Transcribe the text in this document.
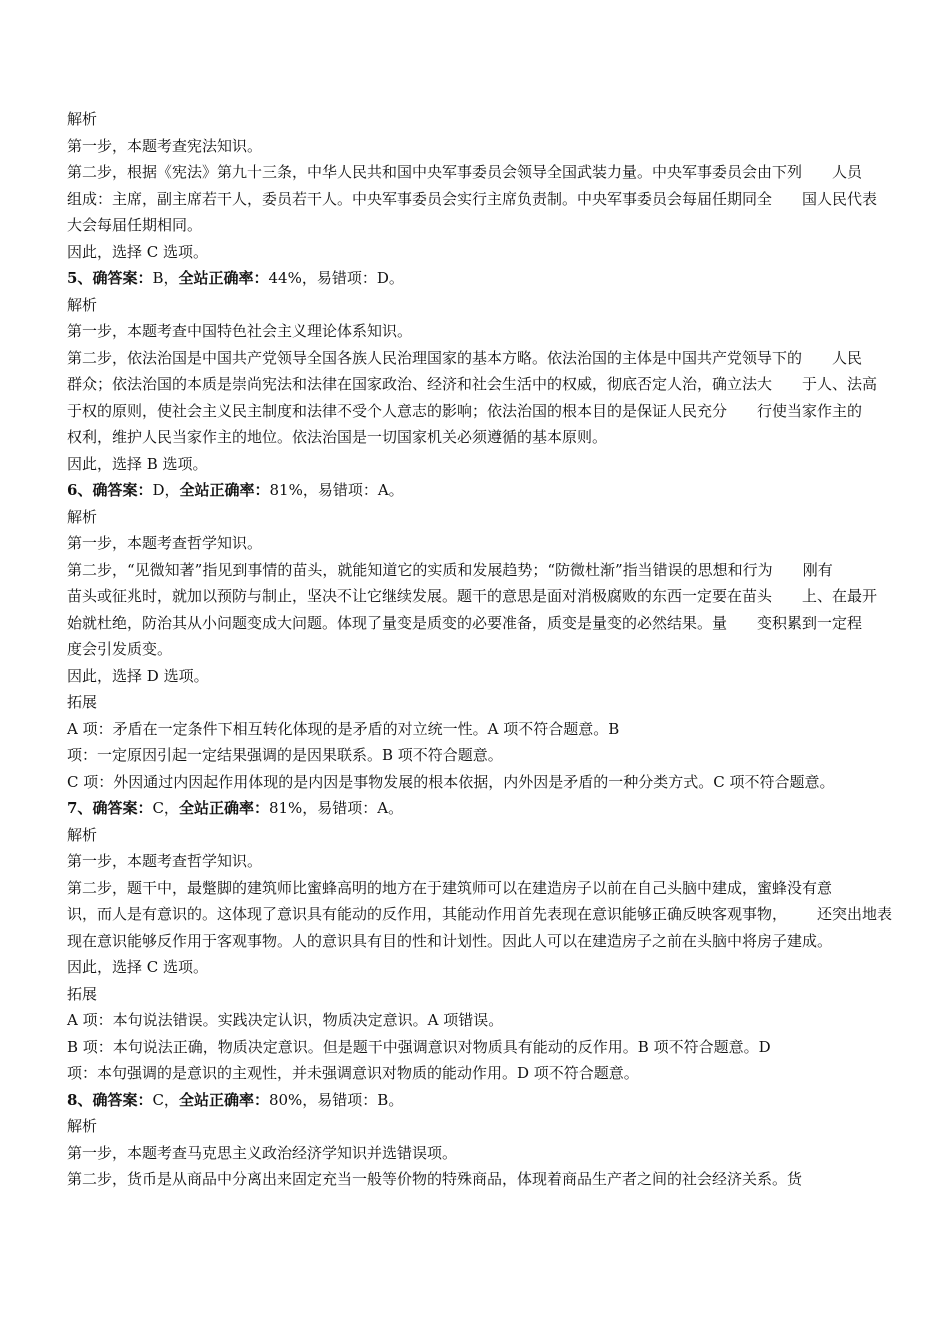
解析

第一步，本题考查宪法知识。

第二步，根据《宪法》第九十三条，中华人民共和国中央军事委员会领导全国武装力量。中央军事委员会由下列 人员

组成：主席，副主席若干人，委员若干人。中央军事委员会实行主席负责制。中央军事委员会每届任期同全 国人民代表

大会每届任期相同。

因此，选择 C 选项。

5、确答案：B，全站正确率：44%，易错项：D。

解析

第一步，本题考查中国特色社会主义理论体系知识。

第二步，依法治国是中国共产党领导全国各族人民治理国家的基本方略。依法治国的主体是中国共产党领导下的 人民

群众；依法治国的本质是崇尚宪法和法律在国家政治、经济和社会生活中的权威，彻底否定人治，确立法大 于人、法高

于权的原则，使社会主义民主制度和法律不受个人意志的影响；依法治国的根本目的是保证人民充分 行使当家作主的

权利，维护人民当家作主的地位。依法治国是一切国家机关必须遵循的基本原则。

因此，选择 B 选项。

6、确答案：D，全站正确率：81%，易错项：A。

解析

第一步，本题考查哲学知识。

第二步，“见微知著”指见到事情的苗头，就能知道它的实质和发展趋势；“防微杜渐”指当错误的思想和行为 刚有

苗头或征兆时，就加以预防与制止，坚决不让它继续发展。题干的意思是面对消极腐败的东西一定要在苗头 上、在最开

始就杜绝，防治其从小问题变成大问题。体现了量变是质变的必要准备，质变是量变的必然结果。量 变积累到一定程

度会引发质变。

因此，选择 D 选项。

拓展

A 项：矛盾在一定条件下相互转化体现的是矛盾的对立统一性。A 项不符合题意。B

项：一定原因引起一定结果强调的是因果联系。B 项不符合题意。

C 项：外因通过内因起作用体现的是内因是事物发展的根本依据，内外因是矛盾的一种分类方式。C 项不符合题意。

7、确答案：C，全站正确率：81%，易错项：A。

解析

第一步，本题考查哲学知识。

第二步，题干中，最蹩脚的建筑师比蜜蜂高明的地方在于建筑师可以在建造房子以前在自己头脑中建成，蜜蜂没有意

识，而人是有意识的。这体现了意识具有能动的反作用，其能动作用首先表现在意识能够正确反映客观事物， 还突出地表

现在意识能够反作用于客观事物。人的意识具有目的性和计划性。因此人可以在建造房子之前在头脑中将房子建成。

因此，选择 C 选项。

拓展

A 项：本句说法错误。实践决定认识，物质决定意识。A 项错误。

B 项：本句说法正确，物质决定意识。但是题干中强调意识对物质具有能动的反作用。B 项不符合题意。D

项：本句强调的是意识的主观性，并未强调意识对物质的能动作用。D 项不符合题意。

8、确答案：C，全站正确率：80%，易错项：B。

解析

第一步，本题考查马克思主义政治经济学知识并选错误项。

第二步，货币是从商品中分离出来固定充当一般等价物的特殊商品，体现着商品生产者之间的社会经济关系。货
